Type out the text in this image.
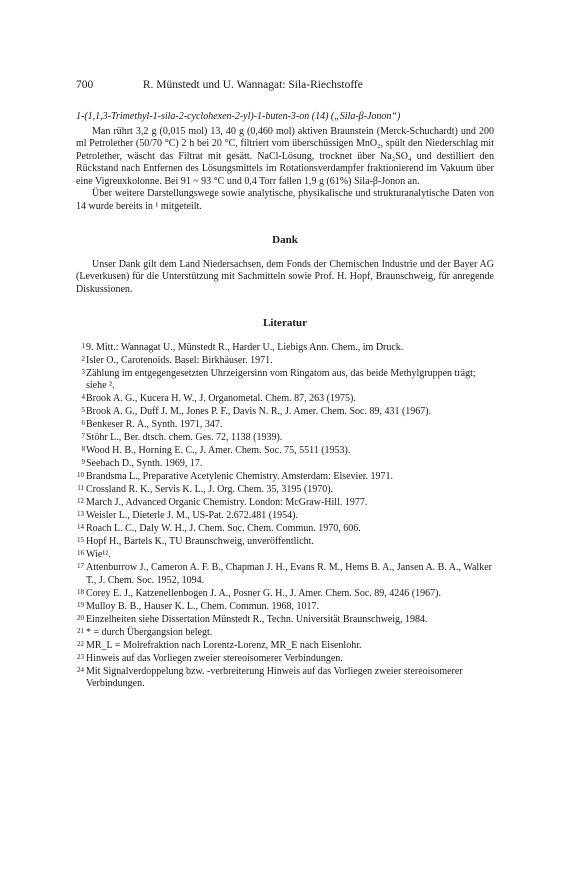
700	R. Münstedt und U. Wannagat: Sila-Riechstoffe

1-(1,1,3-Trimethyl-1-sila-2-cyclohexen-2-yl)-1-buten-3-on (14) („Sila-β-Jonon“)

Man rührt 3,2 g (0,015 mol) 13, 40 g (0,460 mol) aktiven Braunstein (Merck-Schuchardt) und 200 ml Petrolether (50/70 °C) 2 h bei 20 °C, filtriert vom überschüssigen MnO₂, spült den Niederschlag mit Petrolether, wäscht das Filtrat mit gesätt. NaCl-Lösung, trocknet über Na₂SO₄ und destilliert den Rückstand nach Entfernen des Lösungsmittels im Rotationsverdampfer fraktionierend im Vakuum über eine Vigreuxkolonne. Bei 91 ~ 93 °C und 0,4 Torr fallen 1,9 g (61%) Sila-β-Jonon an.

Über weitere Darstellungswege sowie analytische, physikalische und strukturanalytische Daten von 14 wurde bereits in ¹ mitgeteilt.

Dank

Unser Dank gilt dem Land Niedersachsen, dem Fonds der Chemischen Industrie und der Bayer AG (Leverkusen) für die Unterstützung mit Sachmitteln sowie Prof. H. Hopf, Braunschweig, für anregende Diskussionen.

Literatur
1 9. Mitt.: Wannagat U., Münstedt R., Harder U., Liebigs Ann. Chem., im Druck.
2 Isler O., Carotenoids. Basel: Birkhäuser. 1971.
3 Zählung im entgegengesetzten Uhrzeigersinn vom Ringatom aus, das beide Methylgruppen trägt; siehe ².
4 Brook A. G., Kucera H. W., J. Organometal. Chem. 87, 263 (1975).
5 Brook A. G., Duff J. M., Jones P. F., Davis N. R., J. Amer. Chem. Soc. 89, 431 (1967).
6 Benkeser R. A., Synth. 1971, 347.
7 Stöhr L., Ber. dtsch. chem. Ges. 72, 1138 (1939).
8 Wood H. B., Horning E. C., J. Amer. Chem. Soc. 75, 5511 (1953).
9 Seebach D., Synth. 1969, 17.
10 Brandsma L., Preparative Acetylenic Chemistry. Amsterdam: Elsevier. 1971.
11 Crossland R. K., Servis K. L., J. Org. Chem. 35, 3195 (1970).
12 March J., Advanced Organic Chemistry. London: McGraw-Hill. 1977.
13 Weisler L., Dieterle J. M., US-Pat. 2.672.481 (1954).
14 Roach L. C., Daly W. H., J. Chem. Soc. Chem. Commun. 1970, 606.
15 Hopf H., Bartels K., TU Braunschweig, unveröffentlicht.
16 Wie¹².
17 Attenburrow J., Cameron A. F. B., Chapman J. H., Evans R. M., Hems B. A., Jansen A. B. A., Walker T., J. Chem. Soc. 1952, 1094.
18 Corey E. J., Katzenellenbogen J. A., Posner G. H., J. Amer. Chem. Soc. 89, 4246 (1967).
19 Mulloy B. B., Hauser K. L., Chem. Commun. 1968, 1017.
20 Einzelheiten siehe Dissertation Münstedt R., Techn. Universität Braunschweig, 1984.
21 * = durch Übergangsion belegt.
22 MR_L = Molrefraktion nach Lorentz-Lorenz, MR_E nach Eisenlohr.
23 Hinweis auf das Vorliegen zweier stereoisomerer Verbindungen.
24 Mit Signalverdoppelung bzw. -verbreiterung Hinweis auf das Vorliegen zweier stereoisomerer Verbindungen.
